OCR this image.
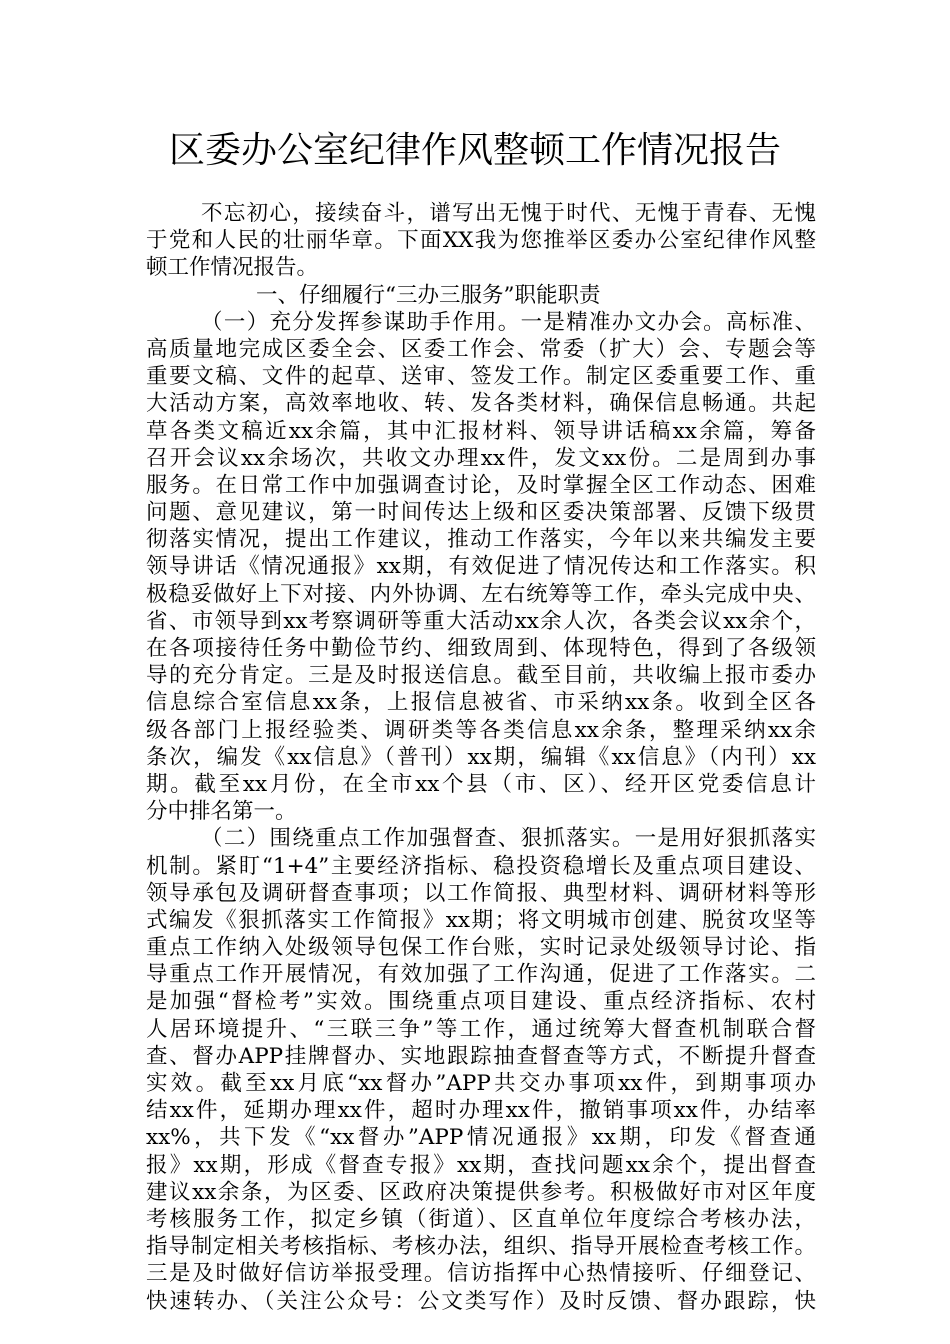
区委办公室纪律作风整顿工作情况报告
不忘初心，接续奋斗，谱写出无愧于时代、无愧于青春、无愧
于党和人民的壮丽华章。下面XX我为您推举区委办公室纪律作风整
顿工作情况报告。
一、仔细履行“三办三服务”职能职责
（一）充分发挥参谋助手作用。一是精准办文办会。高标准、
高质量地完成区委全会、区委工作会、常委（扩大）会、专题会等
重要文稿、文件的起草、送审、签发工作。制定区委重要工作、重
大活动方案，高效率地收、转、发各类材料，确保信息畅通。共起
草各类文稿近xx余篇，其中汇报材料、领导讲话稿xx余篇，筹备
召开会议xx余场次，共收文办理xx件，发文xx份。二是周到办事
服务。在日常工作中加强调查讨论，及时掌握全区工作动态、困难
问题、意见建议，第一时间传达上级和区委决策部署、反馈下级贯
彻落实情况，提出工作建议，推动工作落实，今年以来共编发主要
领导讲话《情况通报》xx期，有效促进了情况传达和工作落实。积
极稳妥做好上下对接、内外协调、左右统筹等工作，牵头完成中央、
省、市领导到xx考察调研等重大活动xx余人次，各类会议xx余个，
在各项接待任务中勤俭节约、细致周到、体现特色，得到了各级领
导的充分肯定。三是及时报送信息。截至目前，共收编上报市委办
信息综合室信息xx条，上报信息被省、市采纳xx条。收到全区各
级各部门上报经验类、调研类等各类信息xx余条，整理采纳xx余
条次，编发《xx信息》（普刊）xx期，编辑《xx信息》（内刊）xx
期。截至xx月份，在全市xx个县（市、区）、经开区党委信息计
分中排名第一。
（二）围绕重点工作加强督查、狠抓落实。一是用好狠抓落实
机制。紧盯“1+4”主要经济指标、稳投资稳增长及重点项目建设、
领导承包及调研督查事项；以工作简报、典型材料、调研材料等形
式编发《狠抓落实工作简报》xx期；将文明城市创建、脱贫攻坚等
重点工作纳入处级领导包保工作台账，实时记录处级领导讨论、指
导重点工作开展情况，有效加强了工作沟通，促进了工作落实。二
是加强“督检考”实效。围绕重点项目建设、重点经济指标、农村
人居环境提升、“三联三争”等工作，通过统筹大督查机制联合督
查、督办APP挂牌督办、实地跟踪抽查督查等方式，不断提升督查
实效。截至xx月底“xx督办”APP共交办事项xx件，到期事项办
结xx件，延期办理xx件，超时办理xx件，撤销事项xx件，办结率
xx%，共下发《“xx督办”APP情况通报》xx期，印发《督查通
报》xx期，形成《督查专报》xx期，查找问题xx余个，提出督查
建议xx余条，为区委、区政府决策提供参考。积极做好市对区年度
考核服务工作，拟定乡镇（街道）、区直单位年度综合考核办法，
指导制定相关考核指标、考核办法，组织、指导开展检查考核工作。
三是及时做好信访举报受理。信访指挥中心热情接听、仔细登记、
快速转办、（关注公众号：公文类写作）及时反馈、督办跟踪，快
